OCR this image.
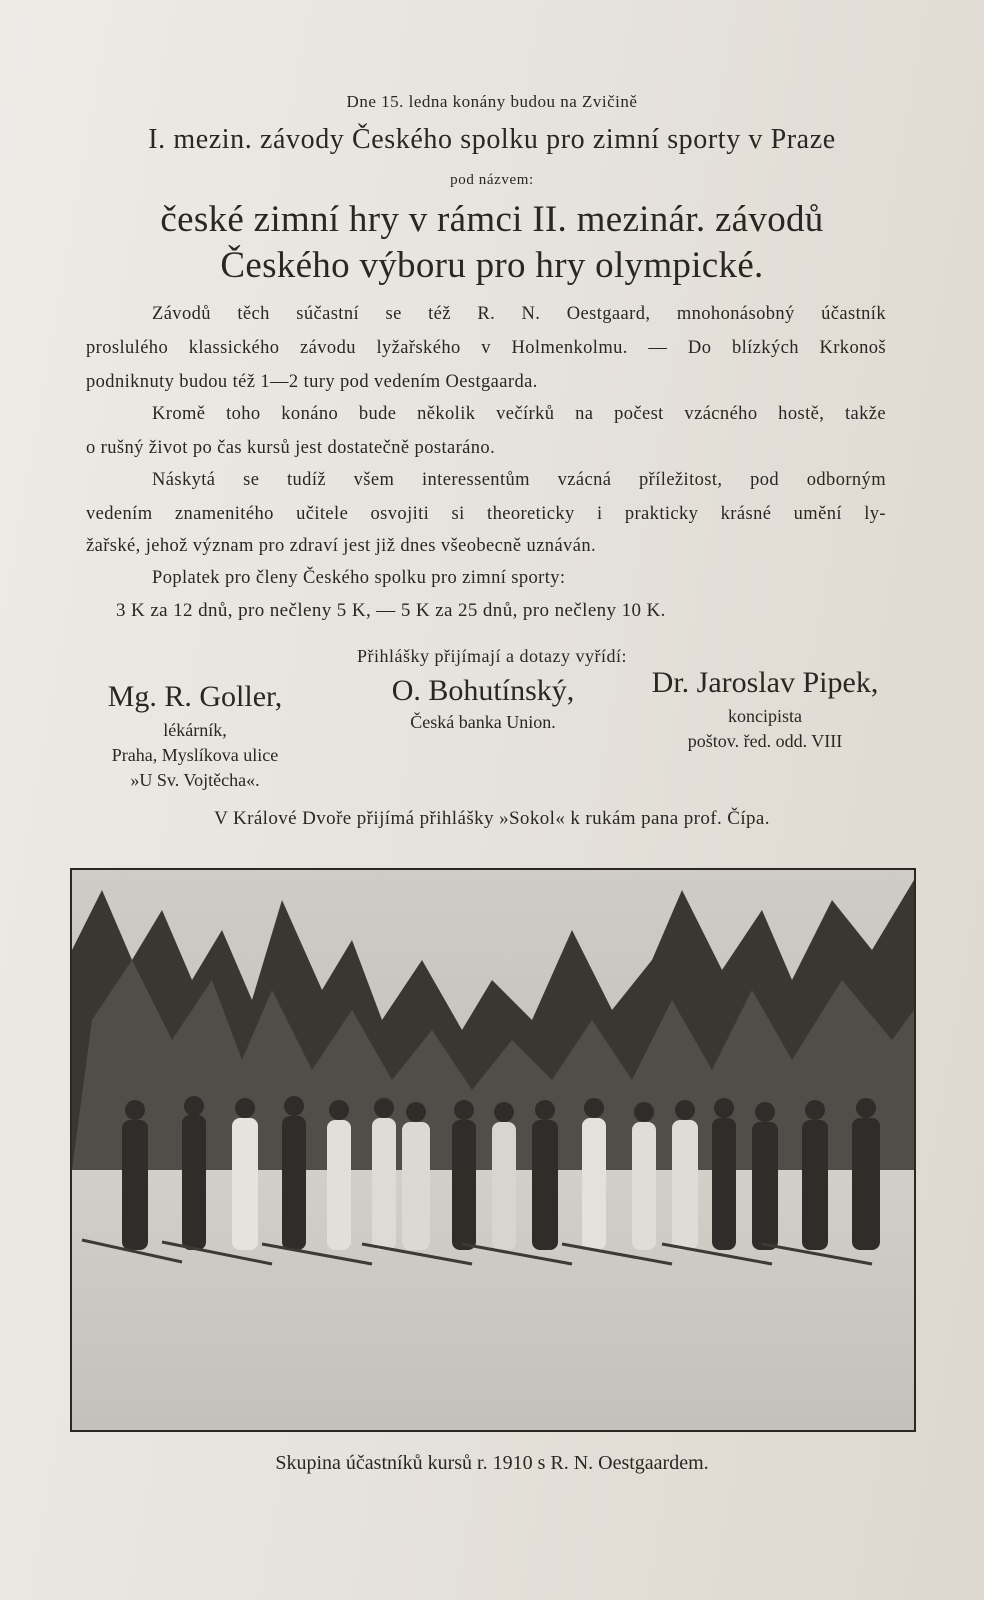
Dne 15. ledna konány budou na Zvičině
I. mezin. závody Českého spolku pro zimní sporty v Praze
pod názvem:
české zimní hry v rámci II. mezinár. závodů
Českého výboru pro hry olympické.
Závodů těch súčastní se též R. N. Oestgaard, mnohonásobný účastník
proslulého klassického závodu lyžařského v Holmenkolmu. — Do blízkých Krkonoš
podniknuty budou též 1—2 tury pod vedením Oestgaarda.
Kromě toho konáno bude několik večírků na počest vzácného hostě, takže
o rušný život po čas kursů jest dostatečně postaráno.
Náskytá se tudíž všem interessentům vzácná příležitost, pod odborným
vedením znamenitého učitele osvojiti si theoreticky i prakticky krásné umění ly-
žařské, jehož význam pro zdraví jest již dnes všeobecně uznáván.
Poplatek pro členy Českého spolku pro zimní sporty:
3 K za 12 dnů, pro nečleny 5 K, — 5 K za 25 dnů, pro nečleny 10 K.
Přihlášky přijímají a dotazy vyřídí:
Mg. R. Goller,
lékárník,
Praha, Myslíkova ulice
»U Sv. Vojtěcha«.
O. Bohutínský,
Česká banka Union.
Dr. Jaroslav Pipek,
koncipista
poštov. řed. odd. VIII
V Králové Dvoře přijímá přihlášky »Sokol« k rukám pana prof. Čípa.
Skupina účastníků kursů r. 1910 s R. N. Oestgaardem.
